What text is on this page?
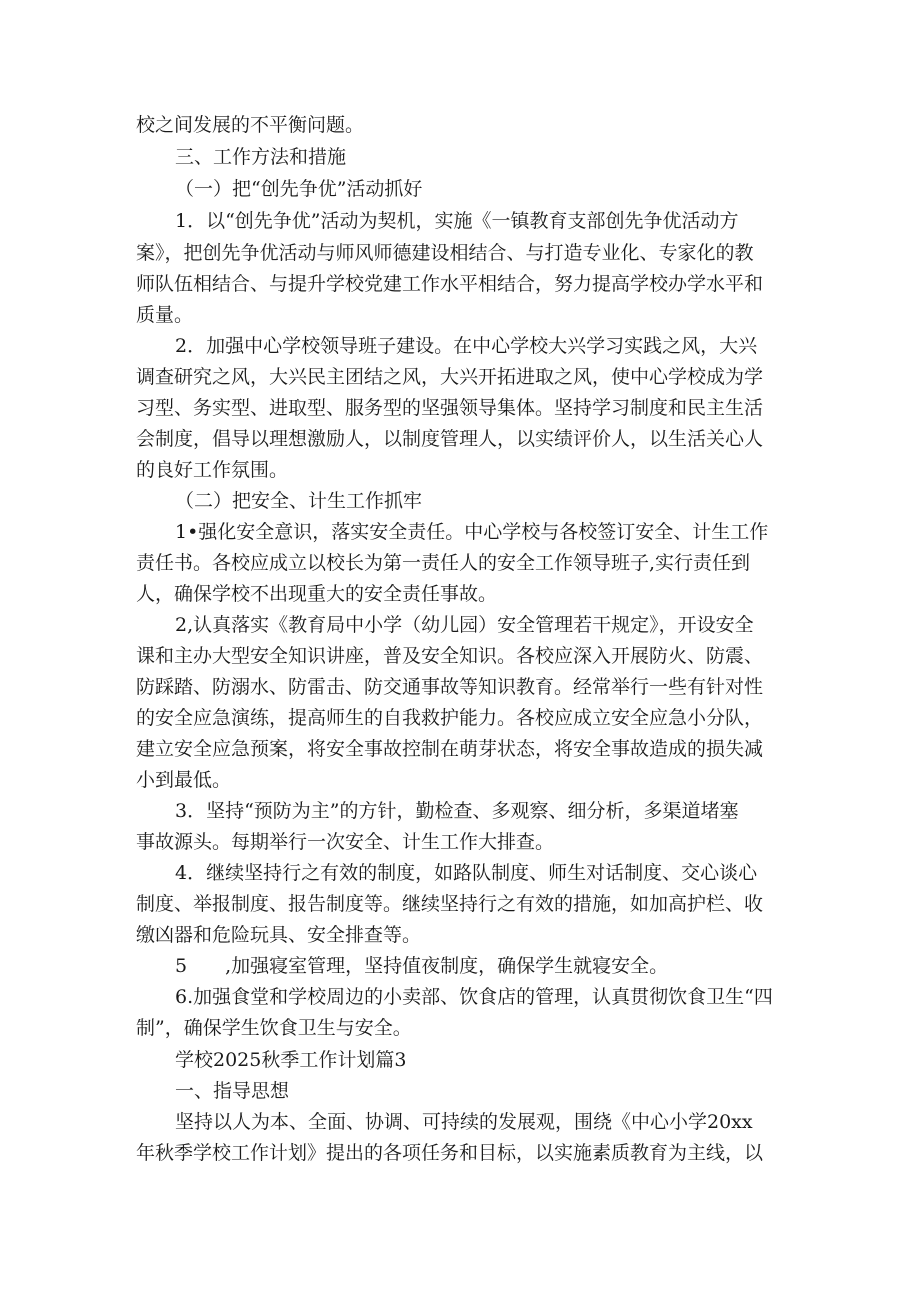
校之间发展的不平衡问题。
三、工作方法和措施
（一）把“创先争优”活动抓好
1．以“创先争优”活动为契机，实施《一镇教育支部创先争优活动方
案》，把创先争优活动与师风师德建设相结合、与打造专业化、专家化的教
师队伍相结合、与提升学校党建工作水平相结合，努力提高学校办学水平和
质量。
2．加强中心学校领导班子建设。在中心学校大兴学习实践之风，大兴
调查研究之风，大兴民主团结之风，大兴开拓进取之风，使中心学校成为学
习型、务实型、进取型、服务型的坚强领导集体。坚持学习制度和民主生活
会制度，倡导以理想激励人，以制度管理人，以实绩评价人，以生活关心人
的良好工作氛围。
（二）把安全、计生工作抓牢
1•强化安全意识，落实安全责任。中心学校与各校签订安全、计生工作
责任书。各校应成立以校长为第一责任人的安全工作领导班子,实行责任到
人，确保学校不出现重大的安全责任事故。
2,认真落实《教育局中小学（幼儿园）安全管理若干规定》，开设安全
课和主办大型安全知识讲座，普及安全知识。各校应深入开展防火、防震、
防踩踏、防溺水、防雷击、防交通事故等知识教育。经常举行一些有针对性
的安全应急演练，提高师生的自我救护能力。各校应成立安全应急小分队，
建立安全应急预案，将安全事故控制在萌芽状态，将安全事故造成的损失减
小到最低。
3．坚持“预防为主”的方针，勤检查、多观察、细分析，多渠道堵塞
事故源头。每期举行一次安全、计生工作大排查。
4．继续坚持行之有效的制度，如路队制度、师生对话制度、交心谈心
制度、举报制度、报告制度等。继续坚持行之有效的措施，如加高护栏、收
缴凶器和危险玩具、安全排查等。
5　　,加强寝室管理，坚持值夜制度，确保学生就寝安全。
6.加强食堂和学校周边的小卖部、饮食店的管理，认真贯彻饮食卫生“四
制”，确保学生饮食卫生与安全。
学校2025秋季工作计划篇3
一、指导思想
坚持以人为本、全面、协调、可持续的发展观，围绕《中心小学20xx
年秋季学校工作计划》提出的各项任务和目标，以实施素质教育为主线，以
